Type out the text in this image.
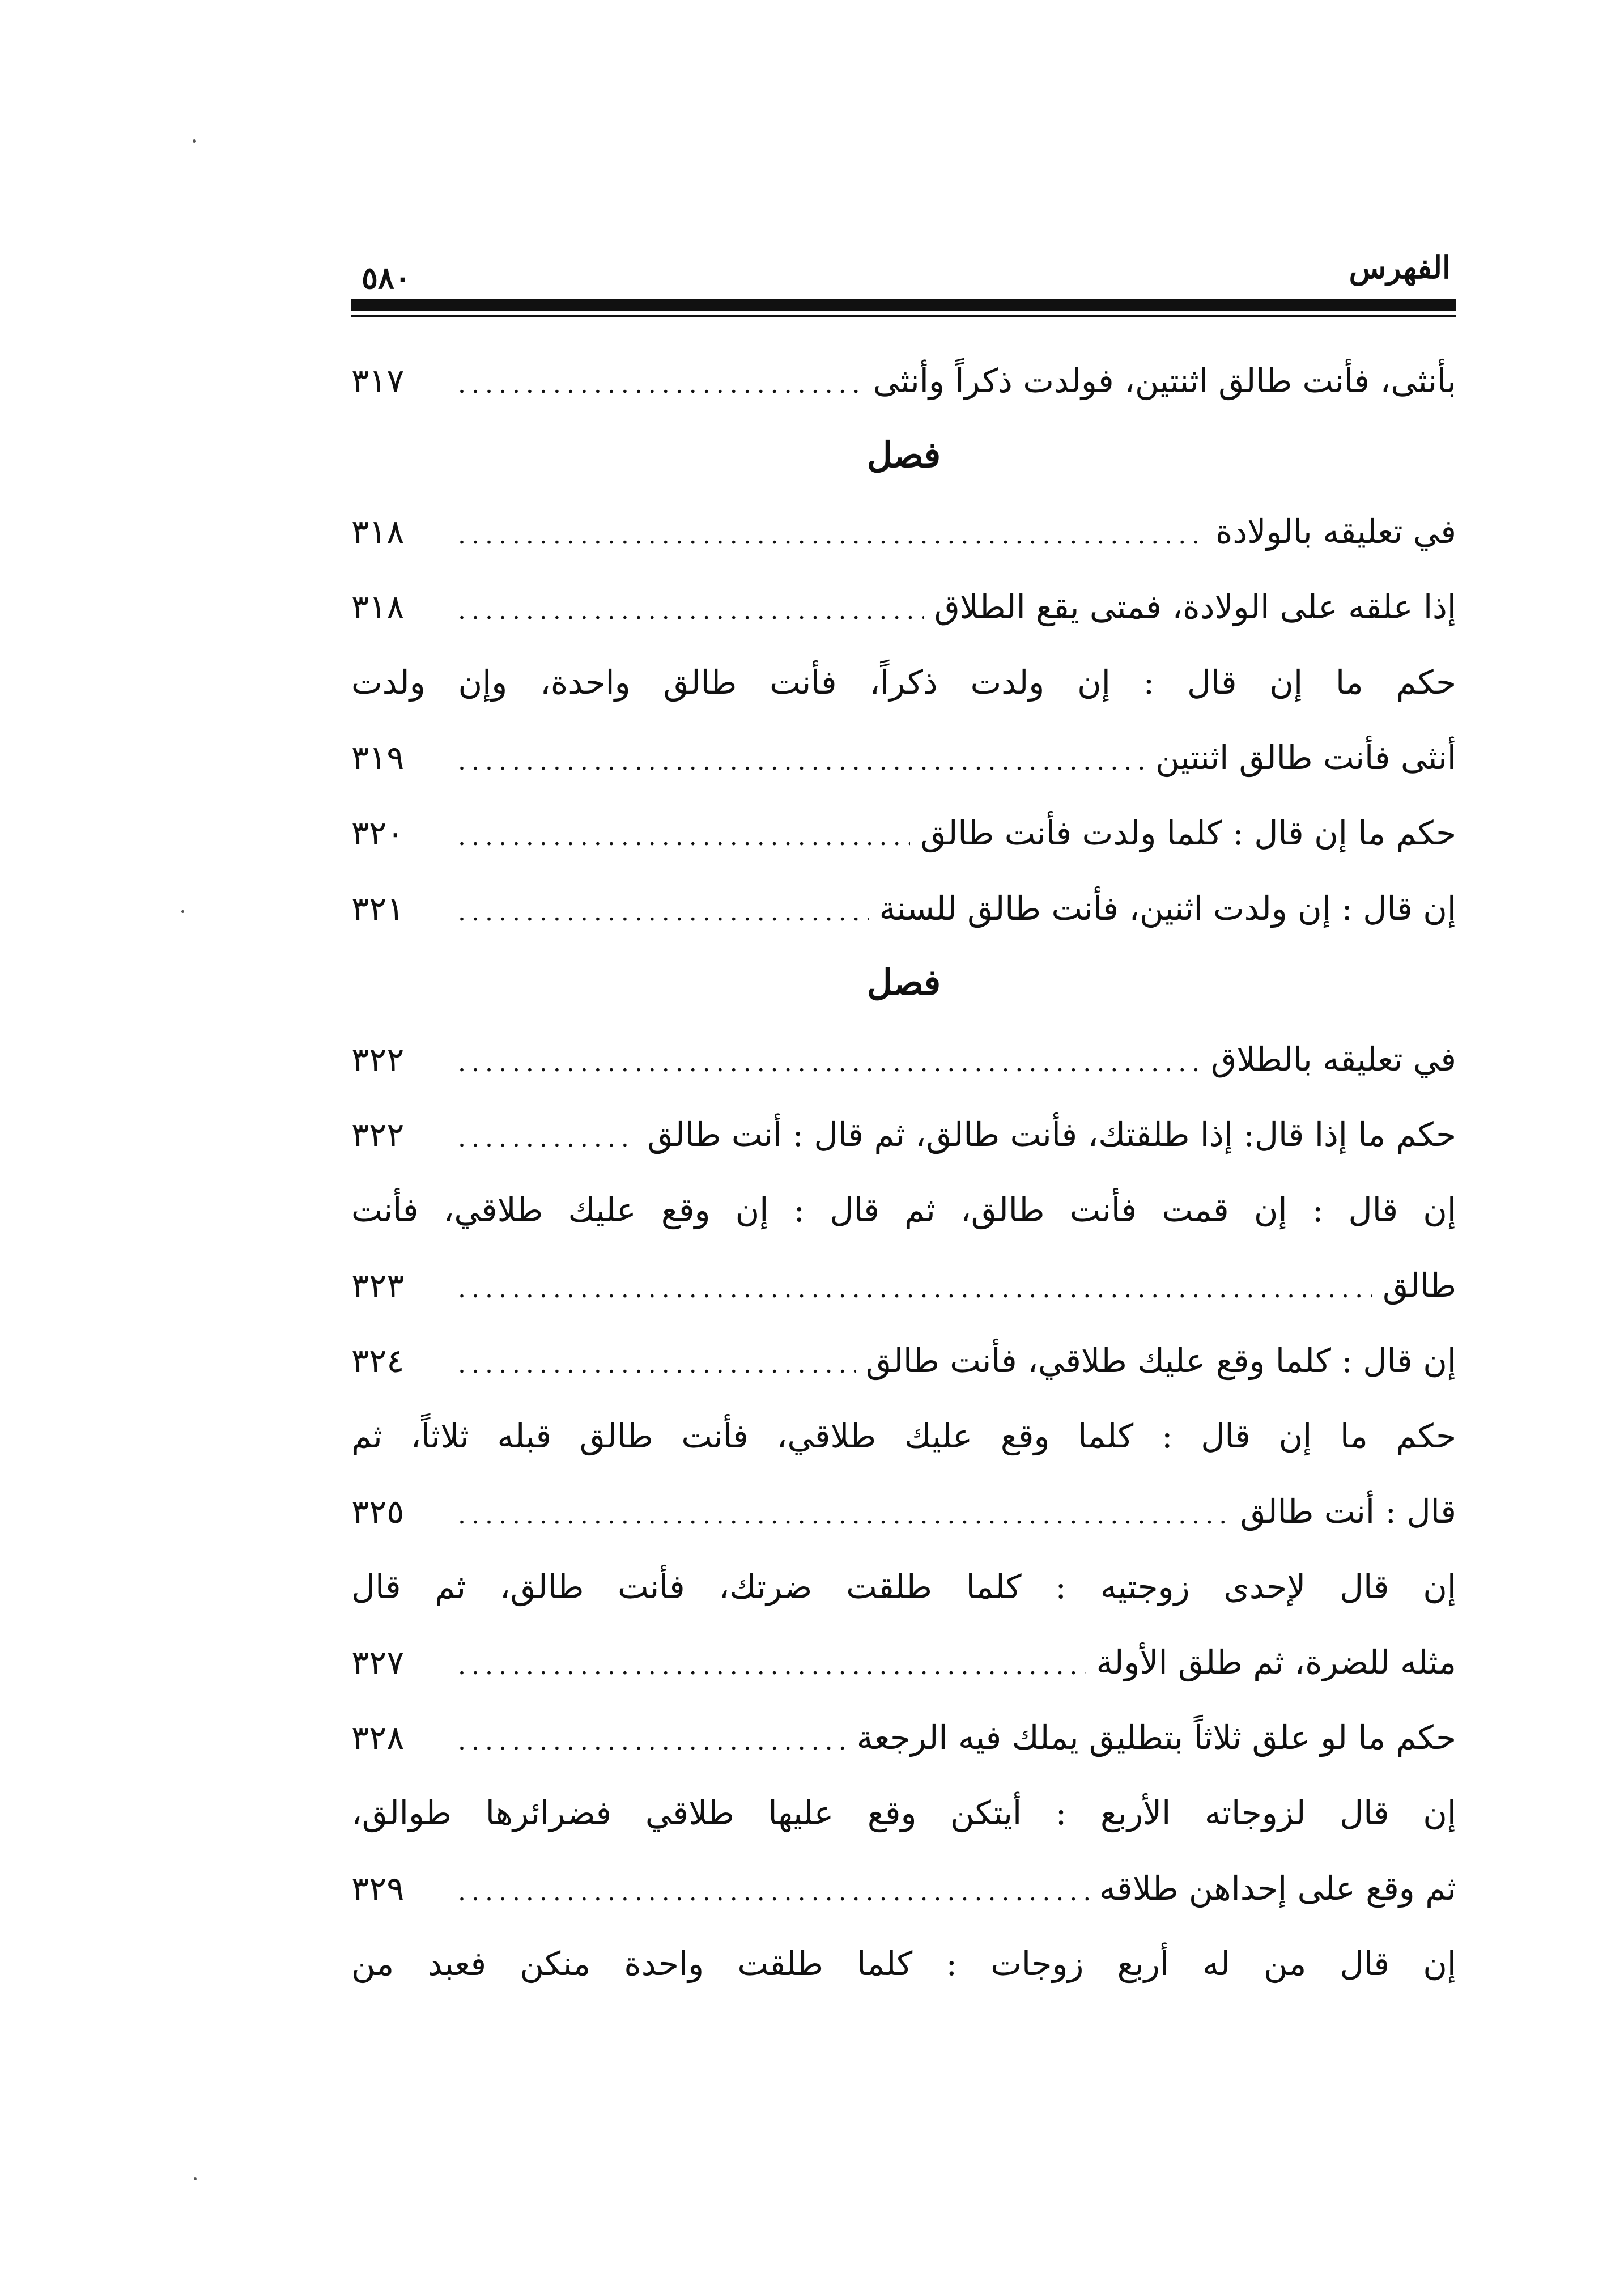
الفهرس
٥٨٠
بأنثى، فأنت طالق اثنتين، فولدت ذكراً وأنثى
.....
٣١٧
فصل
في تعليقه بالولادة
.....
٣١٨
إذا علقه على الولادة، فمتى يقع الطلاق
.....
٣١٨
حكم ما إن قال : إن ولدت ذكراً، فأنت طالق واحدة، وإن ولدت
أنثى فأنت طالق اثنتين
.....
٣١٩
حكم ما إن قال : كلما ولدت فأنت طالق
.....
٣٢٠
إن قال : إن ولدت اثنين، فأنت طالق للسنة
.....
٣٢١
فصل
في تعليقه بالطلاق
.....
٣٢٢
حكم ما إذا قال: إذا طلقتك، فأنت طالق، ثم قال : أنت طالق
.....
٣٢٢
إن قال : إن قمت فأنت طالق، ثم قال : إن وقع عليك طلاقي، فأنت
طالق
.....
٣٢٣
إن قال : كلما وقع عليك طلاقي، فأنت طالق
.....
٣٢٤
حكم ما إن قال : كلما وقع عليك طلاقي، فأنت طالق قبله ثلاثاً، ثم
قال : أنت طالق
.....
٣٢٥
إن قال لإحدى زوجتيه : كلما طلقت ضرتك، فأنت طالق، ثم قال
مثله للضرة، ثم طلق الأولة
.....
٣٢٧
حكم ما لو علق ثلاثاً بتطليق يملك فيه الرجعة
.....
٣٢٨
إن قال لزوجاته الأربع : أيتكن وقع عليها طلاقي فضرائرها طوالق،
ثم وقع على إحداهن طلاقه
.....
٣٢٩
إن قال من له أربع زوجات : كلما طلقت واحدة منكن فعبد من
